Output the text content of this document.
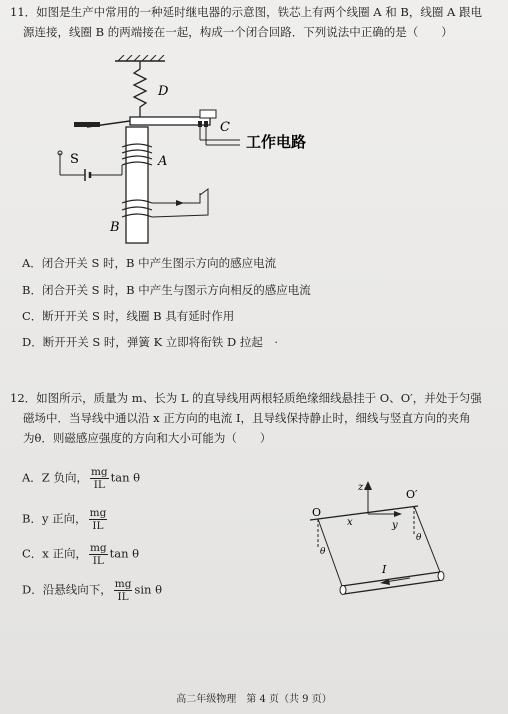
11．如图是生产中常用的一种延时继电器的示意图，铁芯上有两个线圈 A 和 B，线圈 A 跟电
源连接，线圈 B 的两端接在一起，构成一个闭合回路．下列说法中正确的是（　　）
D
C
工作电路
A
S
B
A．闭合开关 S 时，B 中产生图示方向的感应电流
B．闭合开关 S 时，B 中产生与图示方向相反的感应电流
C．断开开关 S 时，线圈 B 具有延时作用
D．断开开关 S 时，弹簧 K 立即将衔铁 D 拉起　·
12．如图所示，质量为 m、长为 L 的直导线用两根轻质绝缘细线悬挂于 O、O′，并处于匀强
磁场中．当导线中通以沿 x 正方向的电流 I，且导线保持静止时，细线与竖直方向的夹角
为θ．则磁感应强度的方向和大小可能为（　　）
A．Z 负向， $\frac{mg}{IL}$ tan θ
B．y 正向， $\frac{mg}{IL}$
C．x 正向， $\frac{mg}{IL}$ tan θ
D．沿悬线向下， $\frac{mg}{IL}$ sin θ
z
y
x
O
O′
θ
θ
I
高二年级物理　第 4 页（共 9 页）
